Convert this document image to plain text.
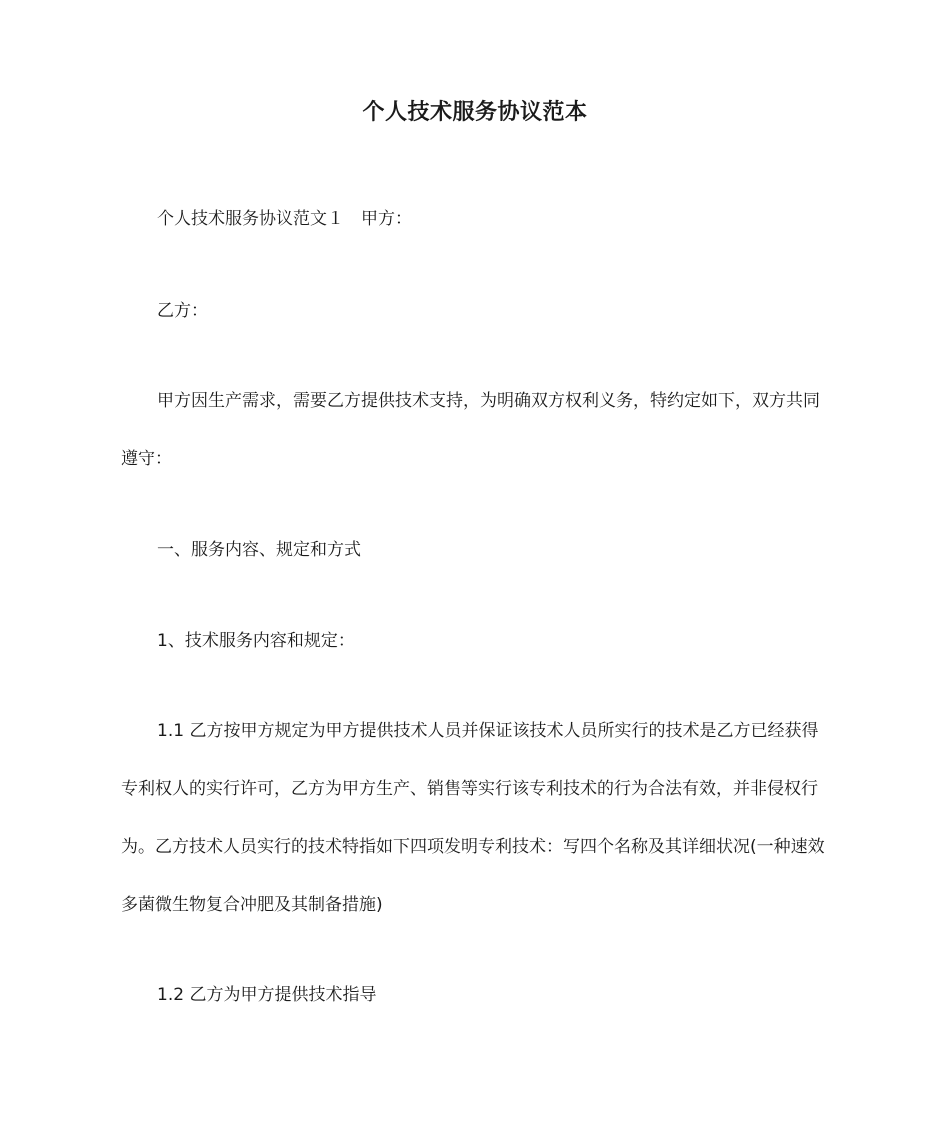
个人技术服务协议范本
个人技术服务协议范文１　甲方：
乙方：
甲方因生产需求，需要乙方提供技术支持，为明确双方权利义务，特约定如下，双方共同遵守：
一、服务内容、规定和方式
1、技术服务内容和规定：
1.1 乙方按甲方规定为甲方提供技术人员并保证该技术人员所实行的技术是乙方已经获得专利权人的实行许可，乙方为甲方生产、销售等实行该专利技术的行为合法有效，并非侵权行为。乙方技术人员实行的技术特指如下四项发明专利技术：写四个名称及其详细状况(一种速效多菌微生物复合冲肥及其制备措施)
1.2 乙方为甲方提供技术指导
